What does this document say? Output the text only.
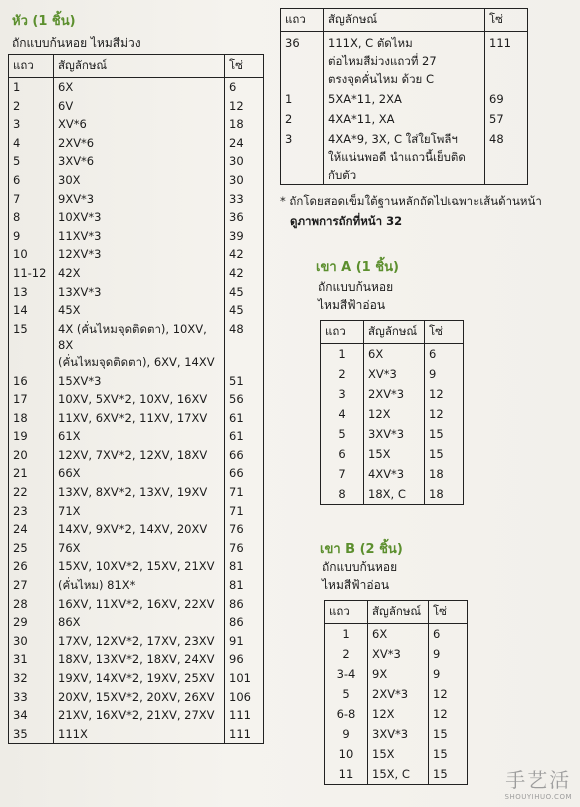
หัว (1 ชิ้น)
ถักแบบก้นหอย ไหมสีม่วง
แถว	สัญลักษณ์	โซ่
1	6X	6
2	6V	12
3	XV*6	18
4	2XV*6	24
5	3XV*6	30
6	30X	30
7	9XV*3	33
8	10XV*3	36
9	11XV*3	39
10	12XV*3	42
11-12	42X	42
13	13XV*3	45
14	45X	45
15	4X (คั่นไหมจุดติดตา), 10XV, 8X
(คั่นไหมจุดติดตา), 6XV, 14XV	48
16	15XV*3	51
17	10XV, 5XV*2, 10XV, 16XV	56
18	11XV, 6XV*2, 11XV, 17XV	61
19	61X	61
20	12XV, 7XV*2, 12XV, 18XV	66
21	66X	66
22	13XV, 8XV*2, 13XV, 19XV	71
23	71X	71
24	14XV, 9XV*2, 14XV, 20XV	76
25	76X	76
26	15XV, 10XV*2, 15XV, 21XV	81
27	(คั่นไหม) 81X*	81
28	16XV, 11XV*2, 16XV, 22XV	86
29	86X	86
30	17XV, 12XV*2, 17XV, 23XV	91
31	18XV, 13XV*2, 18XV, 24XV	96
32	19XV, 14XV*2, 19XV, 25XV	101
33	20XV, 15XV*2, 20XV, 26XV	106
34	21XV, 16XV*2, 21XV, 27XV	111
35	111X	111
แถว	สัญลักษณ์	โซ่
36	111X, C ตัดไหม
ต่อไหมสีม่วงแถวที่ 27
ตรงจุดคั่นไหม ด้วย C	111
1	5XA*11, 2XA	69
2	4XA*11, XA	57
3	4XA*9, 3X, C ใส่ใยโพลีฯ
ให้แน่นพอดี นำแถวนี้เย็บติดกับตัว	48
* ถักโดยสอดเข็มใต้ฐานหลักถัดไปเฉพาะเส้นด้านหน้า
ดูภาพการถักที่หน้า 32
เขา A (1 ชิ้น)
ถักแบบก้นหอย
ไหมสีฟ้าอ่อน
แถว	สัญลักษณ์	โซ่
1	6X	6
2	XV*3	9
3	2XV*3	12
4	12X	12
5	3XV*3	15
6	15X	15
7	4XV*3	18
8	18X, C	18
เขา B (2 ชิ้น)
ถักแบบก้นหอย
ไหมสีฟ้าอ่อน
แถว	สัญลักษณ์	โซ่
1	6X	6
2	XV*3	9
3-4	9X	9
5	2XV*3	12
6-8	12X	12
9	3XV*3	15
10	15X	15
11	15X, C	15	手艺活
SHOUYIHUO.COM
